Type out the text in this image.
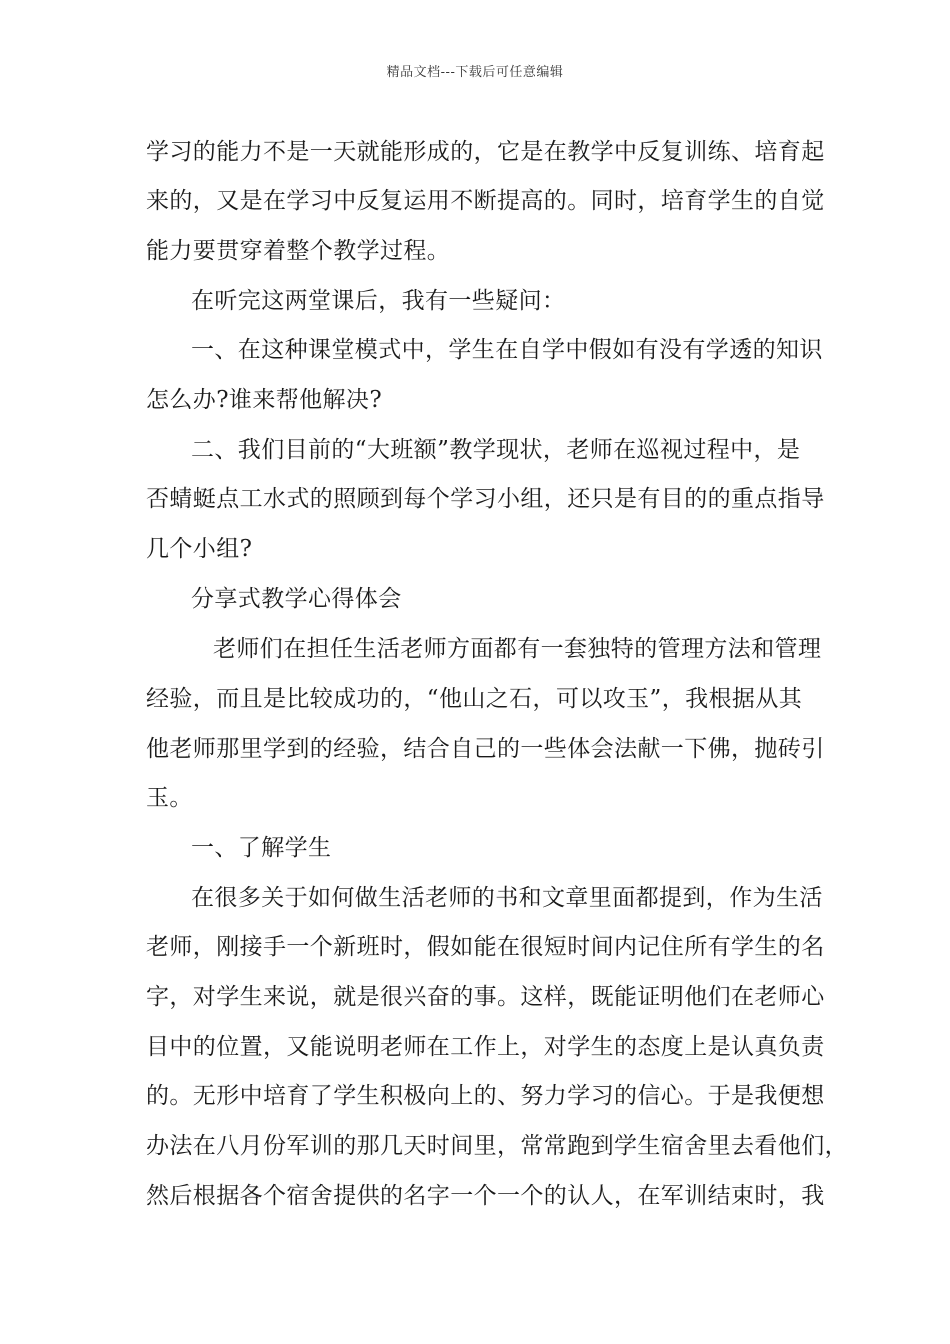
精品文档---下载后可任意编辑
学习的能力不是一天就能形成的，它是在教学中反复训练、培育起
来的，又是在学习中反复运用不断提高的。同时，培育学生的自觉
能力要贯穿着整个教学过程。
在听完这两堂课后，我有一些疑问：
一、在这种课堂模式中，学生在自学中假如有没有学透的知识
怎么办?谁来帮他解决?
二、我们目前的“大班额”教学现状，老师在巡视过程中，是
否蜻蜓点工水式的照顾到每个学习小组，还只是有目的的重点指导
几个小组?
分享式教学心得体会
老师们在担任生活老师方面都有一套独特的管理方法和管理
经验，而且是比较成功的，“他山之石，可以攻玉”，我根据从其
他老师那里学到的经验，结合自己的一些体会法献一下佛，抛砖引
玉。
一、了解学生
在很多关于如何做生活老师的书和文章里面都提到，作为生活
老师，刚接手一个新班时，假如能在很短时间内记住所有学生的名
字，对学生来说，就是很兴奋的事。这样，既能证明他们在老师心
目中的位置，又能说明老师在工作上，对学生的态度上是认真负责
的。无形中培育了学生积极向上的、努力学习的信心。于是我便想
办法在八月份军训的那几天时间里，常常跑到学生宿舍里去看他们，
然后根据各个宿舍提供的名字一个一个的认人，在军训结束时，我
